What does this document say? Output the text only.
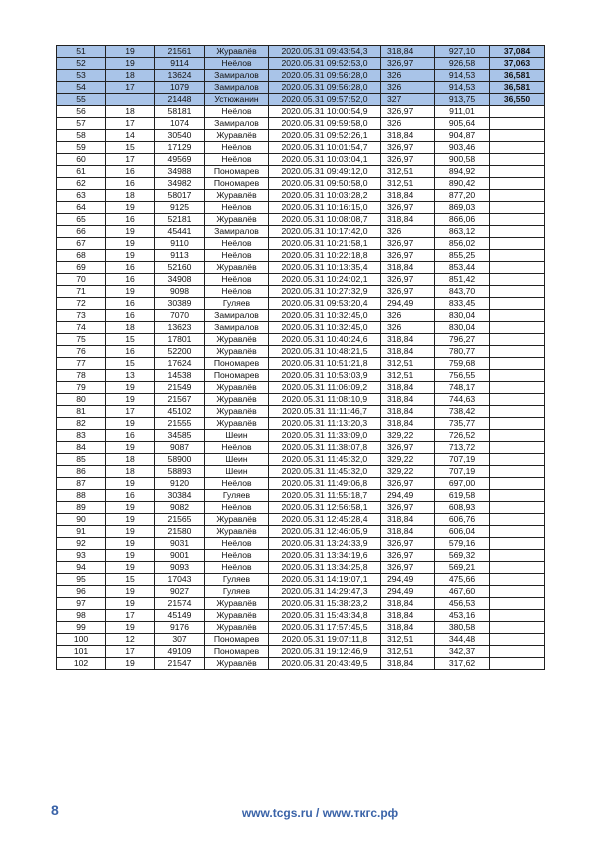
51	19	21561	Журавлёв	2020.05.31 09:43:54,3	318,84	927,10	37,084
52	19	9114	Неёлов	2020.05.31 09:52:53,0	326,97	926,58	37,063
53	18	13624	Замиралов	2020.05.31 09:56:28,0	326	914,53	36,581
54	17	1079	Замиралов	2020.05.31 09:56:28,0	326	914,53	36,581
55		21448	Устюжанин	2020.05.31 09:57:52,0	327	913,75	36,550
56	18	58181	Неёлов	2020.05.31 10:00:54,9	326,97	911,01	
57	17	1074	Замиралов	2020.05.31 09:59:58,0	326	905,64	
58	14	30540	Журавлёв	2020.05.31 09:52:26,1	318,84	904,87	
59	15	17129	Неёлов	2020.05.31 10:01:54,7	326,97	903,46	
60	17	49569	Неёлов	2020.05.31 10:03:04,1	326,97	900,58	
61	16	34988	Пономарев	2020.05.31 09:49:12,0	312,51	894,92	
62	16	34982	Пономарев	2020.05.31 09:50:58,0	312,51	890,42	
63	18	58017	Журавлёв	2020.05.31 10:03:28,2	318,84	877,20	
64	19	9125	Неёлов	2020.05.31 10:16:15,0	326,97	869,03	
65	16	52181	Журавлёв	2020.05.31 10:08:08,7	318,84	866,06	
66	19	45441	Замиралов	2020.05.31 10:17:42,0	326	863,12	
67	19	9110	Неёлов	2020.05.31 10:21:58,1	326,97	856,02	
68	19	9113	Неёлов	2020.05.31 10:22:18,8	326,97	855,25	
69	16	52160	Журавлёв	2020.05.31 10:13:35,4	318,84	853,44	
70	16	34908	Неёлов	2020.05.31 10:24:02,1	326,97	851,42	
71	19	9098	Неёлов	2020.05.31 10:27:32,9	326,97	843,70	
72	16	30389	Гуляев	2020.05.31 09:53:20,4	294,49	833,45	
73	16	7070	Замиралов	2020.05.31 10:32:45,0	326	830,04	
74	18	13623	Замиралов	2020.05.31 10:32:45,0	326	830,04	
75	15	17801	Журавлёв	2020.05.31 10:40:24,6	318,84	796,27	
76	16	52200	Журавлёв	2020.05.31 10:48:21,5	318,84	780,77	
77	15	17624	Пономарев	2020.05.31 10:51:21,8	312,51	759,68	
78	13	14538	Пономарев	2020.05.31 10:53:03,9	312,51	756,55	
79	19	21549	Журавлёв	2020.05.31 11:06:09,2	318,84	748,17	
80	19	21567	Журавлёв	2020.05.31 11:08:10,9	318,84	744,63	
81	17	45102	Журавлёв	2020.05.31 11:11:46,7	318,84	738,42	
82	19	21555	Журавлёв	2020.05.31 11:13:20,3	318,84	735,77	
83	16	34585	Шеин	2020.05.31 11:33:09,0	329,22	726,52	
84	19	9087	Неёлов	2020.05.31 11:38:07,8	326,97	713,72	
85	18	58900	Шеин	2020.05.31 11:45:32,0	329,22	707,19	
86	18	58893	Шеин	2020.05.31 11:45:32,0	329,22	707,19	
87	19	9120	Неёлов	2020.05.31 11:49:06,8	326,97	697,00	
88	16	30384	Гуляев	2020.05.31 11:55:18,7	294,49	619,58	
89	19	9082	Неёлов	2020.05.31 12:56:58,1	326,97	608,93	
90	19	21565	Журавлёв	2020.05.31 12:45:28,4	318,84	606,76	
91	19	21580	Журавлёв	2020.05.31 12:46:05,9	318,84	606,04	
92	19	9031	Неёлов	2020.05.31 13:24:33,9	326,97	579,16	
93	19	9001	Неёлов	2020.05.31 13:34:19,6	326,97	569,32	
94	19	9093	Неёлов	2020.05.31 13:34:25,8	326,97	569,21	
95	15	17043	Гуляев	2020.05.31 14:19:07,1	294,49	475,66	
96	19	9027	Гуляев	2020.05.31 14:29:47,3	294,49	467,60	
97	19	21574	Журавлёв	2020.05.31 15:38:23,2	318,84	456,53	
98	17	45149	Журавлёв	2020.05.31 15:43:34,8	318,84	453,16	
99	19	9176	Журавлёв	2020.05.31 17:57:45,5	318,84	380,58	
100	12	307	Пономарев	2020.05.31 19:07:11,8	312,51	344,48	
101	17	49109	Пономарев	2020.05.31 19:12:46,9	312,51	342,37	
102	19	21547	Журавлёв	2020.05.31 20:43:49,5	318,84	317,62	
8	www.tcgs.ru / www.ткгс.рф
